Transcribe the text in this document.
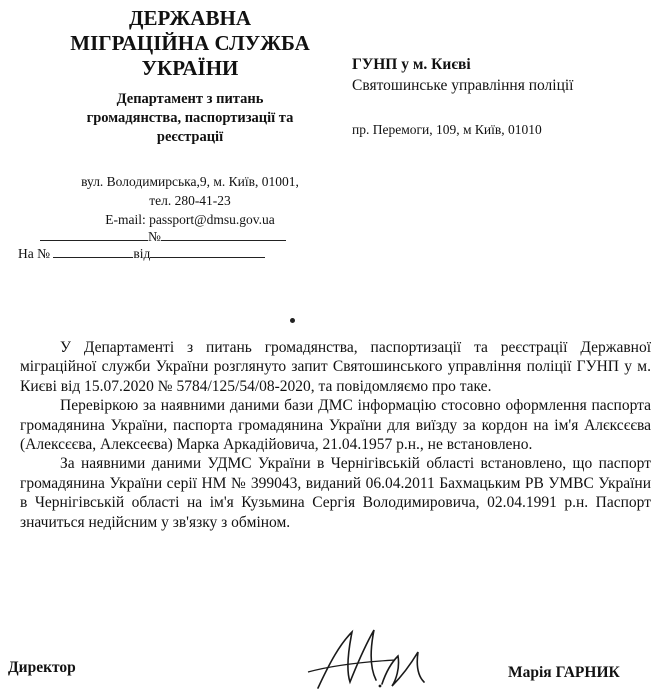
ДЕРЖАВНА
МІГРАЦІЙНА СЛУЖБА
УКРАЇНИ
Департамент з питань
громадянства, паспортизації та
реєстрації
вул. Володимирська,9, м. Київ, 01001,
тел. 280-41-23
E-mail: passport@dmsu.gov.ua
№
На №	від
ГУНП у м. Києві
Святошинське управління поліції
пр. Перемоги, 109, м Київ, 01010

У Департаменті з питань громадянства, паспортизації та реєстрації Державної міграційної служби України розглянуто запит Святошинського управління поліції ГУНП у м. Києві від 15.07.2020 № 5784/125/54/08-2020, та повідомляємо про таке.

Перевіркою за наявними даними бази ДМС інформацію стосовно оформлення паспорта громадянина України, паспорта громадянина України для виїзду за кордон на ім'я Алєксєєва (Алексєєва, Алексеєва) Марка Аркадійовича, 21.04.1957 р.н., не встановлено.

За наявними даними УДМС України в Чернігівській області встановлено, що паспорт громадянина України серії НМ № 399043, виданий 06.04.2011 Бахмацьким РВ УМВС України в Чернігівській області на ім'я Кузьмина Сергія Володимировича, 02.04.1991 р.н. Паспорт значиться недійсним у зв'язку з обміном.

Директор	Марія ГАРНИК
